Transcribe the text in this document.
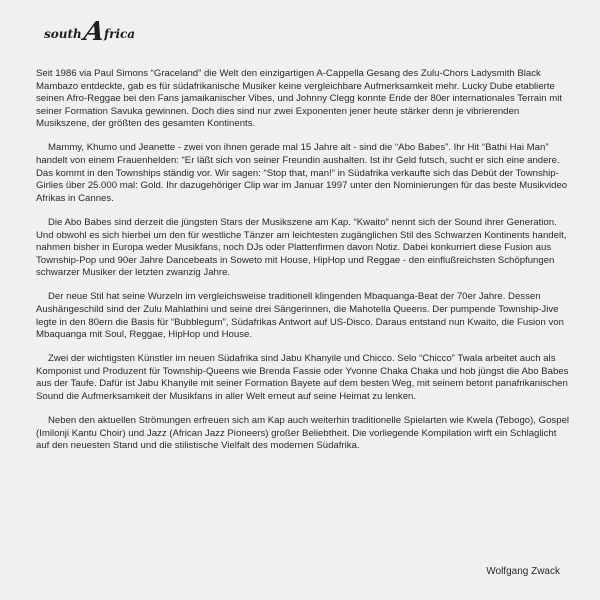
south A
frica

Seit 1986 via Paul Simons “Graceland” die Welt den einzigartigen A-Cappella Gesang des Zulu-Chors Ladysmith Black Mambazo entdeckte, gab es für südafrikanische Musiker keine vergleichbare Aufmerksamkeit mehr. Lucky Dube etablierte seinen Afro-Reggae bei den Fans jamaikanischer Vibes, und Johnny Clegg konnte Ende der 80er internationales Terrain mit seiner Formation Savuka gewinnen. Doch dies sind nur zwei Exponenten jener heute stärker denn je vibrierenden Musikszene, der größten des gesamten Kontinents.

Mammy, Khumo und Jeanette - zwei von ihnen gerade mal 15 Jahre alt - sind die “Abo Babes”. Ihr Hit “Bathi Hai Man” handelt von einem Frauenhelden: “Er läßt sich von seiner Freundin aushalten. Ist ihr Geld futsch, sucht er sich eine andere. Das kommt in den Townships ständig vor. Wir sagen: “Stop that, man!” in Südafrika verkaufte sich das Debüt der Township-Girlies über 25.000 mal: Gold. Ihr dazugehöriger Clip war im Januar 1997 unter den Nominierungen für das beste Musikvideo Afrikas in Cannes.

Die Abo Babes sind derzeit die jüngsten Stars der Musikszene am Kap. “Kwaito” nennt sich der Sound ihrer Generation. Und obwohl es sich hierbei um den für westliche Tänzer am leichtesten zugänglichen Stil des Schwarzen Kontinents handelt, nahmen bisher in Europa weder Musikfans, noch DJs oder Plattenfirmen davon Notiz. Dabei konkurriert diese Fusion aus Township-Pop und 90er Jahre Dancebeats in Soweto mit House, HipHop und Reggae - den einflußreichsten Schöpfungen schwarzer Musiker der letzten zwanzig Jahre.

Der neue Stil hat seine Wurzeln im vergleichsweise traditionell klingenden Mbaquanga-Beat der 70er Jahre. Dessen Aushängeschild sind der Zulu Mahlathini und seine drei Sängerinnen, die Mahotella Queens. Der pumpende Township-Jive legte in den 80ern die Basis für “Bubblegum”, Südafrikas Antwort auf US-Disco. Daraus entstand nun Kwaito, die Fusion von Mbaquanga mit Soul, Reggae, HipHop und House.

Zwei der wichtigsten Künstler im neuen Südafrika sind Jabu Khanyile und Chicco. Selo “Chicco” Twala arbeitet auch als Komponist und Produzent für Township-Queens wie Brenda Fassie oder Yvonne Chaka Chaka und hob jüngst die Abo Babes aus der Taufe. Dafür ist Jabu Khanyile mit seiner Formation Bayete auf dem besten Weg, mit seinem betont panafrikanischen Sound die Aufmerksamkeit der Musikfans in aller Welt erneut auf seine Heimat zu lenken.

Neben den aktuellen Strömungen erfreuen sich am Kap auch weiterhin traditionelle Spielarten wie Kwela (Tebogo), Gospel (Imilonji Kantu Choir) und Jazz (African Jazz Pioneers) großer Beliebtheit. Die vorliegende Kompilation wirft ein Schlaglicht auf den neuesten Stand und die stilistische Vielfalt des modernen Südafrika.

Wolfgang Zwack
